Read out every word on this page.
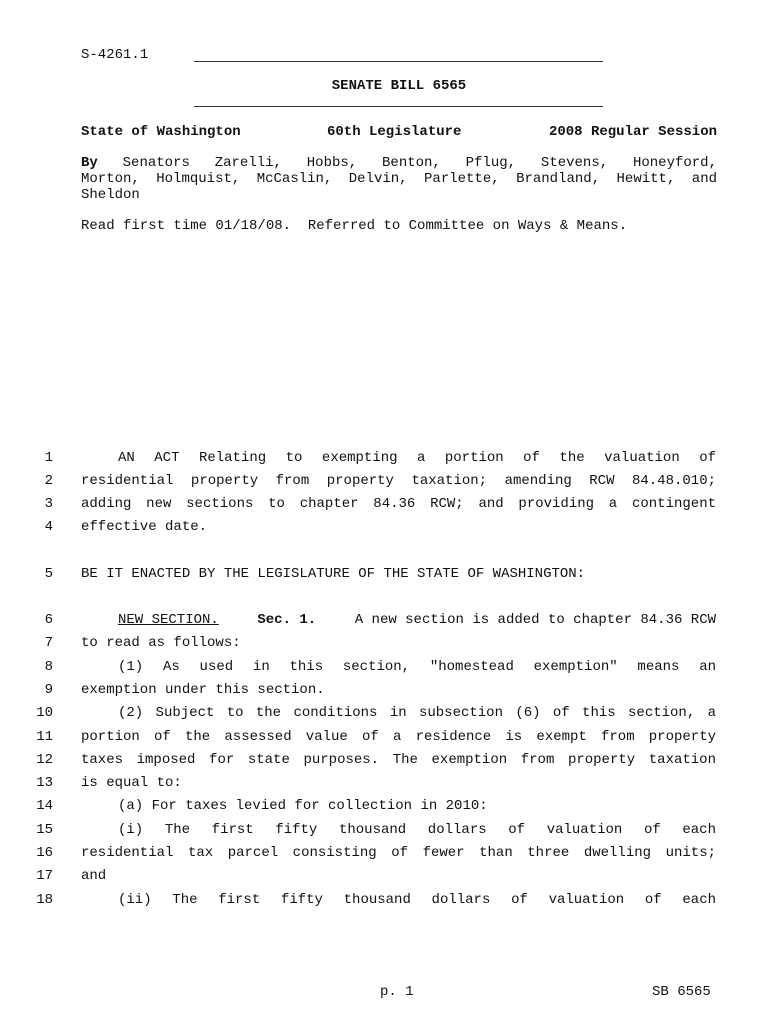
S-4261.1
SENATE BILL 6565
State of Washington	60th Legislature	2008 Regular Session
By Senators Zarelli, Hobbs, Benton, Pflug, Stevens, Honeyford,
Morton, Holmquist, McCaslin, Delvin, Parlette, Brandland, Hewitt, and
Sheldon
Read first time 01/18/08.  Referred to Committee on Ways & Means.
1	AN ACT Relating to exempting a portion of the valuation of
2 residential property from property taxation; amending RCW 84.48.010;
3 adding new sections to chapter 84.36 RCW; and providing a contingent
4 effective date.
5 BE IT ENACTED BY THE LEGISLATURE OF THE STATE OF WASHINGTON:
6	NEW SECTION.	Sec. 1.	A new section is added to chapter 84.36 RCW
7 to read as follows:
8	(1) As used in this section, "homestead exemption" means an
9 exemption under this section.
10	(2) Subject to the conditions in subsection (6) of this section, a
11 portion of the assessed value of a residence is exempt from property
12 taxes imposed for state purposes. The exemption from property taxation
13 is equal to:
14	(a) For taxes levied for collection in 2010:
15	(i) The first fifty thousand dollars of valuation of each
16 residential tax parcel consisting of fewer than three dwelling units;
17 and
18	(ii) The first fifty thousand dollars of valuation of each
p. 1	SB 6565
